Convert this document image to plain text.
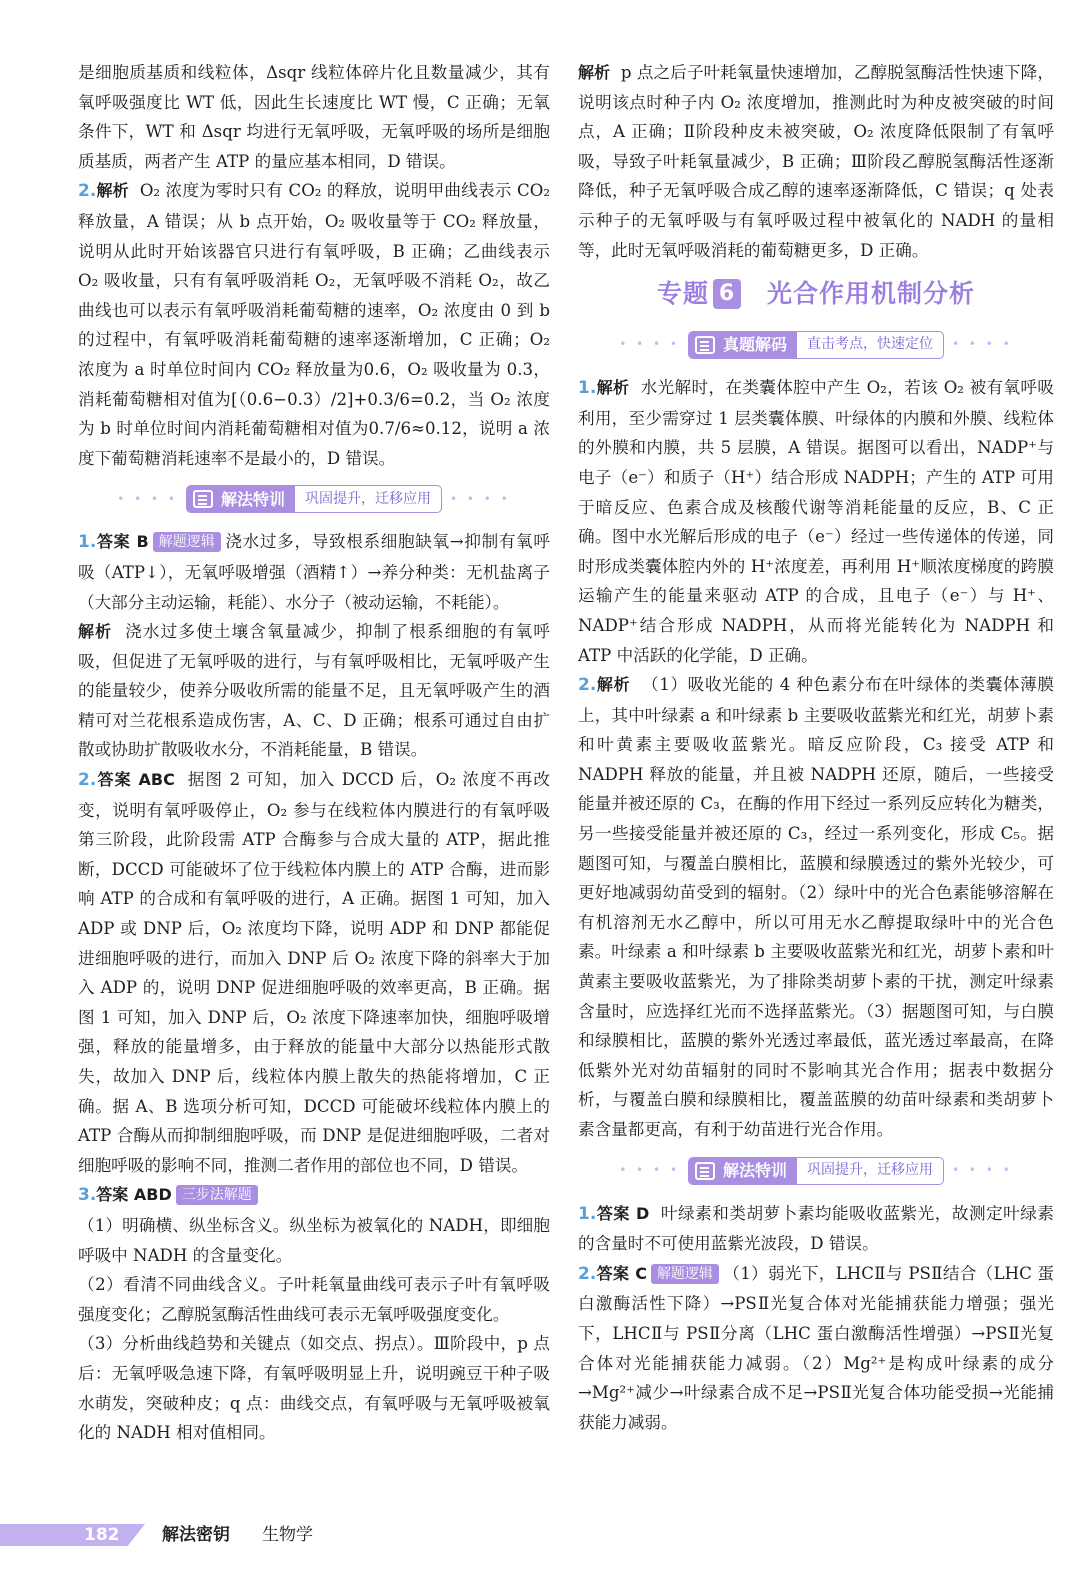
是细胞质基质和线粒体，Δsqr 线粒体碎片化且数量减少，其有氧呼吸强度比 WT 低，因此生长速度比 WT 慢，C 正确；无氧条件下，WT 和 Δsqr 均进行无氧呼吸，无氧呼吸的场所是细胞质基质，两者产生 ATP 的量应基本相同，D 错误。

2.解析 O₂ 浓度为零时只有 CO₂ 的释放，说明甲曲线表示 CO₂ 释放量，A 错误；从 b 点开始，O₂ 吸收量等于 CO₂ 释放量，说明从此时开始该器官只进行有氧呼吸，B 正确；乙曲线表示 O₂ 吸收量，只有有氧呼吸消耗 O₂，无氧呼吸不消耗 O₂，故乙曲线也可以表示有氧呼吸消耗葡萄糖的速率，O₂ 浓度由 0 到 b 的过程中，有氧呼吸消耗葡萄糖的速率逐渐增加，C 正确；O₂ 浓度为 a 时单位时间内 CO₂ 释放量为0.6，O₂ 吸收量为 0.3，消耗葡萄糖相对值为[（0.6−0.3）/2]+0.3/6=0.2，当 O₂ 浓度为 b 时单位时间内消耗葡萄糖相对值为0.7/6≈0.12，说明 a 浓度下葡萄糖消耗速率不是最小的，D 错误。

• • • •	解法特训	巩固提升，迁移应用	• • • •

1.答案 B 解题逻辑 浇水过多，导致根系细胞缺氧→抑制有氧呼吸（ATP↓），无氧呼吸增强（酒精↑）→养分种类：无机盐离子（大部分主动运输，耗能）、水分子（被动运输，不耗能）。

解析 浇水过多使土壤含氧量减少，抑制了根系细胞的有氧呼吸，但促进了无氧呼吸的进行，与有氧呼吸相比，无氧呼吸产生的能量较少，使养分吸收所需的能量不足，且无氧呼吸产生的酒精可对兰花根系造成伤害，A、C、D 正确；根系可通过自由扩散或协助扩散吸收水分，不消耗能量，B 错误。

2.答案 ABC 据图 2 可知，加入 DCCD 后，O₂ 浓度不再改变，说明有氧呼吸停止，O₂ 参与在线粒体内膜进行的有氧呼吸第三阶段，此阶段需 ATP 合酶参与合成大量的 ATP，据此推断，DCCD 可能破坏了位于线粒体内膜上的 ATP 合酶，进而影响 ATP 的合成和有氧呼吸的进行，A 正确。据图 1 可知，加入 ADP 或 DNP 后，O₂ 浓度均下降，说明 ADP 和 DNP 都能促进细胞呼吸的进行，而加入 DNP 后 O₂ 浓度下降的斜率大于加入 ADP 的，说明 DNP 促进细胞呼吸的效率更高，B 正确。据图 1 可知，加入 DNP 后，O₂ 浓度下降速率加快，细胞呼吸增强，释放的能量增多，由于释放的能量中大部分以热能形式散失，故加入 DNP 后，线粒体内膜上散失的热能将增加，C 正确。据 A、B 选项分析可知，DCCD 可能破坏线粒体内膜上的 ATP 合酶从而抑制细胞呼吸，而 DNP 是促进细胞呼吸，二者对细胞呼吸的影响不同，推测二者作用的部位也不同，D 错误。

3.答案 ABD 三步法解题

（1）明确横、纵坐标含义。纵坐标为被氧化的 NADH，即细胞呼吸中 NADH 的含量变化。

（2）看清不同曲线含义。子叶耗氧量曲线可表示子叶有氧呼吸强度变化；乙醇脱氢酶活性曲线可表示无氧呼吸强度变化。

（3）分析曲线趋势和关键点（如交点、拐点）。Ⅲ阶段中，p 点后：无氧呼吸急速下降，有氧呼吸明显上升，说明豌豆干种子吸水萌发，突破种皮；q 点：曲线交点，有氧呼吸与无氧呼吸被氧化的 NADH 相对值相同。

解析 p 点之后子叶耗氧量快速增加，乙醇脱氢酶活性快速下降，说明该点时种子内 O₂ 浓度增加，推测此时为种皮被突破的时间点，A 正确；Ⅱ阶段种皮未被突破，O₂ 浓度降低限制了有氧呼吸，导致子叶耗氧量减少，B 正确；Ⅲ阶段乙醇脱氢酶活性逐渐降低，种子无氧呼吸合成乙醇的速率逐渐降低，C 错误；q 处表示种子的无氧呼吸与有氧呼吸过程中被氧化的 NADH 的量相等，此时无氧呼吸消耗的葡萄糖更多，D 正确。

专题 6 光合作用机制分析
• • • •	真题解码	直击考点，快速定位	• • • •

1.解析 水光解时，在类囊体腔中产生 O₂，若该 O₂ 被有氧呼吸利用，至少需穿过 1 层类囊体膜、叶绿体的内膜和外膜、线粒体的外膜和内膜，共 5 层膜，A 错误。据图可以看出，NADP⁺与电子（e⁻）和质子（H⁺）结合形成 NADPH；产生的 ATP 可用于暗反应、色素合成及核酸代谢等消耗能量的反应，B、C 正确。图中水光解后形成的电子（e⁻）经过一些传递体的传递，同时形成类囊体腔内外的 H⁺浓度差，再利用 H⁺顺浓度梯度的跨膜运输产生的能量来驱动 ATP 的合成，且电子（e⁻）与 H⁺、NADP⁺结合形成 NADPH，从而将光能转化为 NADPH 和 ATP 中活跃的化学能，D 正确。

2.解析 （1）吸收光能的 4 种色素分布在叶绿体的类囊体薄膜上，其中叶绿素 a 和叶绿素 b 主要吸收蓝紫光和红光，胡萝卜素和叶黄素主要吸收蓝紫光。暗反应阶段，C₃ 接受 ATP 和 NADPH 释放的能量，并且被 NADPH 还原，随后，一些接受能量并被还原的 C₃，在酶的作用下经过一系列反应转化为糖类，另一些接受能量并被还原的 C₃，经过一系列变化，形成 C₅。据题图可知，与覆盖白膜相比，蓝膜和绿膜透过的紫外光较少，可更好地减弱幼苗受到的辐射。（2）绿叶中的光合色素能够溶解在有机溶剂无水乙醇中，所以可用无水乙醇提取绿叶中的光合色素。叶绿素 a 和叶绿素 b 主要吸收蓝紫光和红光，胡萝卜素和叶黄素主要吸收蓝紫光，为了排除类胡萝卜素的干扰，测定叶绿素含量时，应选择红光而不选择蓝紫光。（3）据题图可知，与白膜和绿膜相比，蓝膜的紫外光透过率最低，蓝光透过率最高，在降低紫外光对幼苗辐射的同时不影响其光合作用；据表中数据分析，与覆盖白膜和绿膜相比，覆盖蓝膜的幼苗叶绿素和类胡萝卜素含量都更高，有利于幼苗进行光合作用。

• • • •	解法特训	巩固提升，迁移应用	• • • •

1.答案 D 叶绿素和类胡萝卜素均能吸收蓝紫光，故测定叶绿素的含量时不可使用蓝紫光波段，D 错误。

2.答案 C 解题逻辑 （1）弱光下，LHCⅡ与 PSⅡ结合（LHC 蛋白激酶活性下降）→PSⅡ光复合体对光能捕获能力增强；强光下，LHCⅡ与 PSⅡ分离（LHC 蛋白激酶活性增强）→PSⅡ光复合体对光能捕获能力减弱。（2）Mg²⁺是构成叶绿素的成分→Mg²⁺减少→叶绿素合成不足→PSⅡ光复合体功能受损→光能捕获能力减弱。

182	解法密钥 生物学
